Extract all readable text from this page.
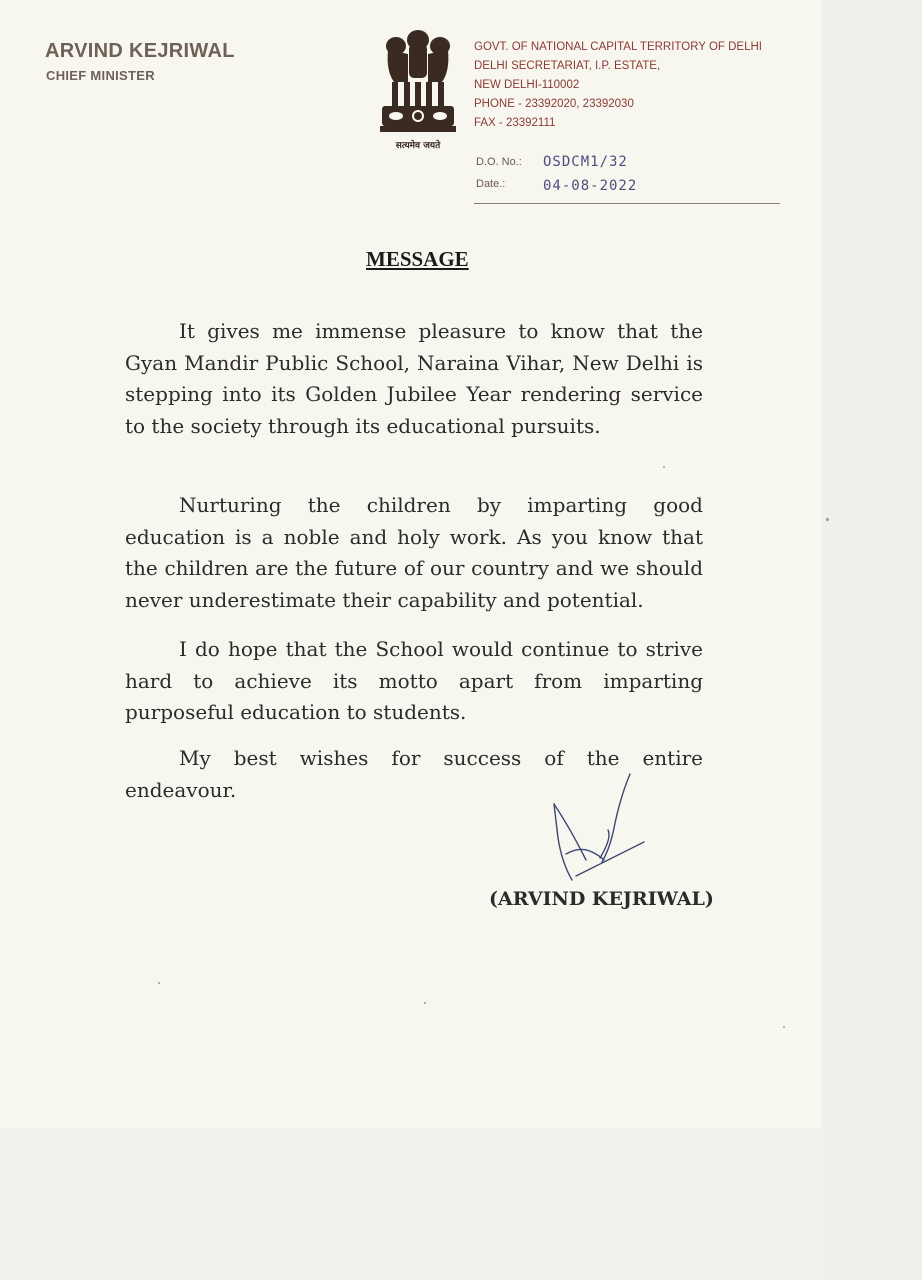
ARVIND KEJRIWAL
CHIEF MINISTER
सत्यमेव जयते
GOVT. OF NATIONAL CAPITAL TERRITORY OF DELHI
DELHI SECRETARIAT, I.P. ESTATE,
NEW DELHI-110002
PHONE - 23392020, 23392030
FAX - 23392111
D.O. No.: OSDCM1/32
Date.:	04-08-2022
MESSAGE
It gives me immense pleasure to know that the Gyan Mandir Public School, Naraina Vihar, New Delhi is stepping into its Golden Jubilee Year rendering service to the society through its educational pursuits.
Nurturing the children by imparting good education is a noble and holy work. As you know that the children are the future of our country and we should never underestimate their capability and potential.
I do hope that the School would continue to strive hard to achieve its motto apart from imparting purposeful education to students.
My best wishes for success of the entire endeavour.
(ARVIND KEJRIWAL)
